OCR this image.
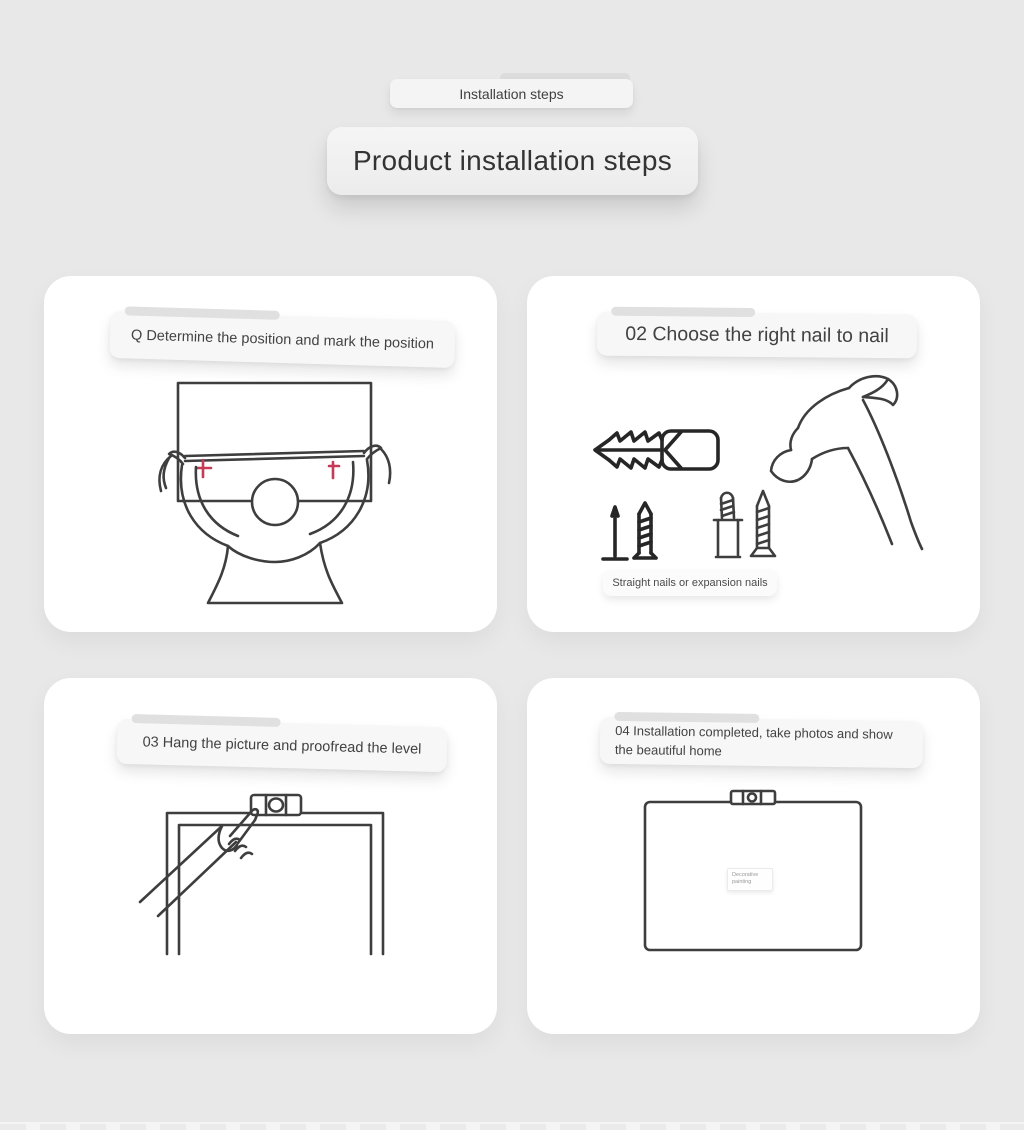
Installation steps
Product installation steps
Q Determine the position and mark the position	02 Choose the right nail to nail
Straight nails or expansion nails
03 Hang the picture and proofread the level
04 Installation completed, take photos and show the beautiful home
Decorative painting
